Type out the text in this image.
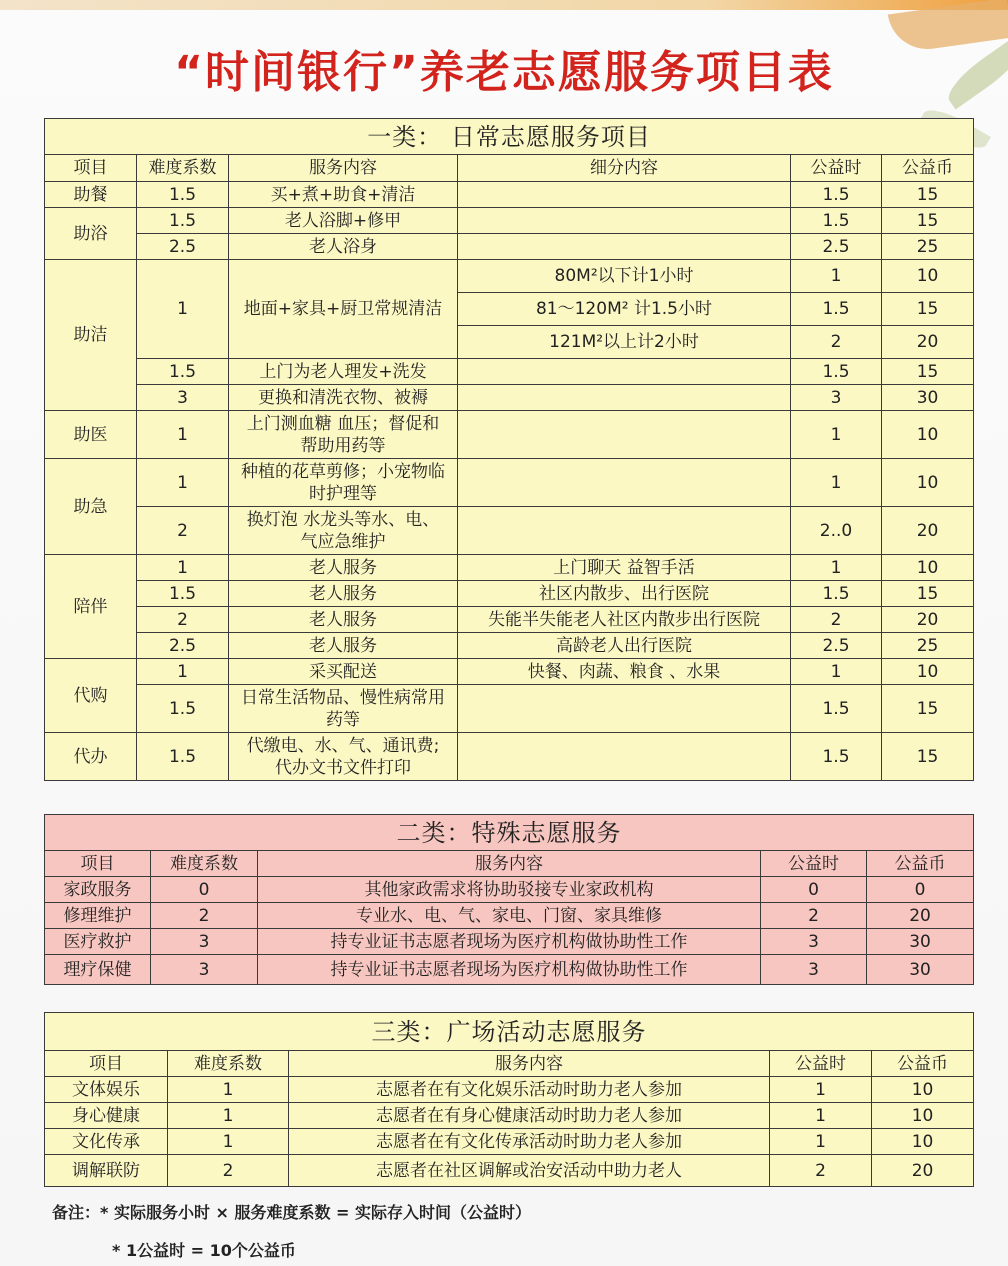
“时间银行”养老志愿服务项目表
一类： 日常志愿服务项目					
项目	难度系数	服务内容	细分内容	公益时	公益币
助餐	1.5	买+煮+助食+清洁		1.5	15
助浴	1.5	老人浴脚+修甲		1.5	15
	2.5	老人浴身		2.5	25
助洁	1	地面+家具+厨卫常规清洁	80M²以下计1小时	1	10
			81～120M² 计1.5小时	1.5	15
			121M²以上计2小时	2	20
	1.5	上门为老人理发+洗发		1.5	15
	3	更换和清洗衣物、被褥		3	30
助医	1	上门测血糖 血压；督促和
帮助用药等		1	10
助急	1	种植的花草剪修；小宠物临
时护理等		1	10
	2	换灯泡 水龙头等水、电、
气应急维护		2..0	20
陪伴	1	老人服务	上门聊天 益智手活	1	10
	1.5	老人服务	社区内散步、出行医院	1.5	15
	2	老人服务	失能半失能老人社区内散步出行医院	2	20
	2.5	老人服务	高龄老人出行医院	2.5	25
代购	1	采买配送	快餐、肉蔬、粮食 、水果	1	10
	1.5	日常生活物品、慢性病常用
药等		1.5	15
代办	1.5	代缴电、水、气、通讯费;
代办文书文件打印		1.5	15
二类：特殊志愿服务				
项目	难度系数	服务内容	公益时	公益币
家政服务	0	其他家政需求将协助驳接专业家政机构	0	0
修理维护	2	专业水、电、气、家电、门窗、家具维修	2	20
医疗救护	3	持专业证书志愿者现场为医疗机构做协助性工作	3	30
理疗保健	3	持专业证书志愿者现场为医疗机构做协助性工作	3	30
三类：广场活动志愿服务				
项目	难度系数	服务内容	公益时	公益币
文体娱乐	1	志愿者在有文化娱乐活动时助力老人参加	1	10
身心健康	1	志愿者在有身心健康活动时助力老人参加	1	10
文化传承	1	志愿者在有文化传承活动时助力老人参加	1	10
调解联防	2	志愿者在社区调解或治安活动中助力老人	2	20
备注：* 实际服务小时 × 服务难度系数 = 实际存入时间（公益时）
* 1公益时 = 10个公益币
